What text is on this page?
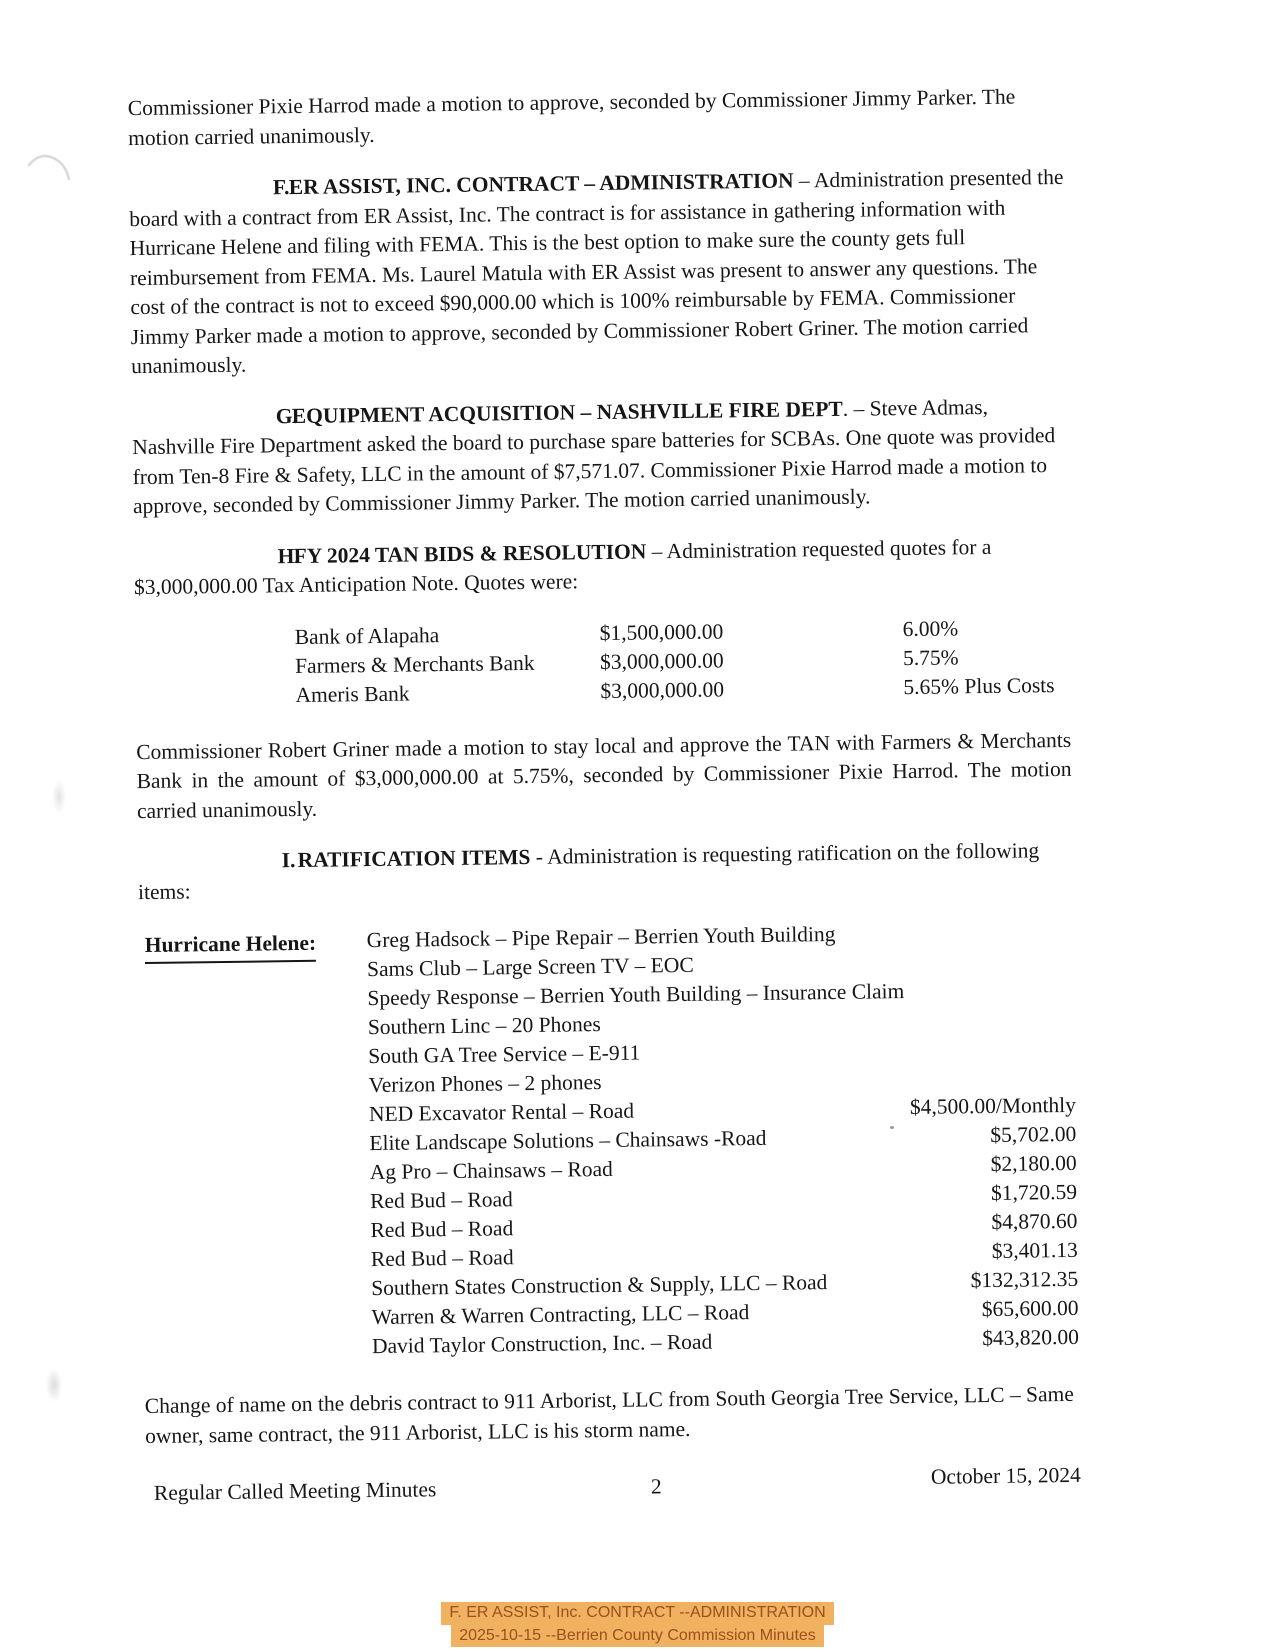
Commissioner Pixie Harrod made a motion to approve, seconded by Commissioner Jimmy Parker. The motion carried unanimously.

F.ER ASSIST, INC. CONTRACT – ADMINISTRATION – Administration presented the board with a contract from ER Assist, Inc. The contract is for assistance in gathering information with Hurricane Helene and filing with FEMA. This is the best option to make sure the county gets full reimbursement from FEMA. Ms. Laurel Matula with ER Assist was present to answer any questions. The cost of the contract is not to exceed $90,000.00 which is 100% reimbursable by FEMA. Commissioner Jimmy Parker made a motion to approve, seconded by Commissioner Robert Griner. The motion carried unanimously.

G.EQUIPMENT ACQUISITION – NASHVILLE FIRE DEPT. – Steve Admas, Nashville Fire Department asked the board to purchase spare batteries for SCBAs. One quote was provided from Ten-8 Fire & Safety, LLC in the amount of $7,571.07. Commissioner Pixie Harrod made a motion to approve, seconded by Commissioner Jimmy Parker. The motion carried unanimously.

H.FY 2024 TAN BIDS & RESOLUTION – Administration requested quotes for a $3,000,000.00 Tax Anticipation Note. Quotes were:

Bank of Alapaha	$1,500,000.00	6.00%
Farmers & Merchants Bank	$3,000,000.00	5.75%
Ameris Bank	$3,000,000.00	5.65% Plus Costs

Commissioner Robert Griner made a motion to stay local and approve the TAN with Farmers & Merchants Bank in the amount of $3,000,000.00 at 5.75%, seconded by Commissioner Pixie Harrod. The motion carried unanimously.

I.RATIFICATION ITEMS - Administration is requesting ratification on the following items:

Hurricane Helene: Greg Hadsock – Pipe Repair – Berrien Youth Building
Sams Club – Large Screen TV – EOC
Speedy Response – Berrien Youth Building – Insurance Claim
Southern Linc – 20 Phones
South GA Tree Service – E-911
Verizon Phones – 2 phones
NED Excavator Rental – Road	$4,500.00/Monthly
Elite Landscape Solutions – Chainsaws -Road	$5,702.00
Ag Pro – Chainsaws – Road	$2,180.00
Red Bud – Road	$1,720.59
Red Bud – Road	$4,870.60
Red Bud – Road	$3,401.13
Southern States Construction & Supply, LLC – Road	$132,312.35
Warren & Warren Contracting, LLC – Road	$65,600.00
David Taylor Construction, Inc. – Road	$43,820.00

Change of name on the debris contract to 911 Arborist, LLC from South Georgia Tree Service, LLC – Same owner, same contract, the 911 Arborist, LLC is his storm name.

Regular Called Meeting Minutes	2	October 15, 2024
F. ER ASSIST, Inc. CONTRACT --ADMINISTRATION
2025-10-15 --Berrien County Commission Minutes
